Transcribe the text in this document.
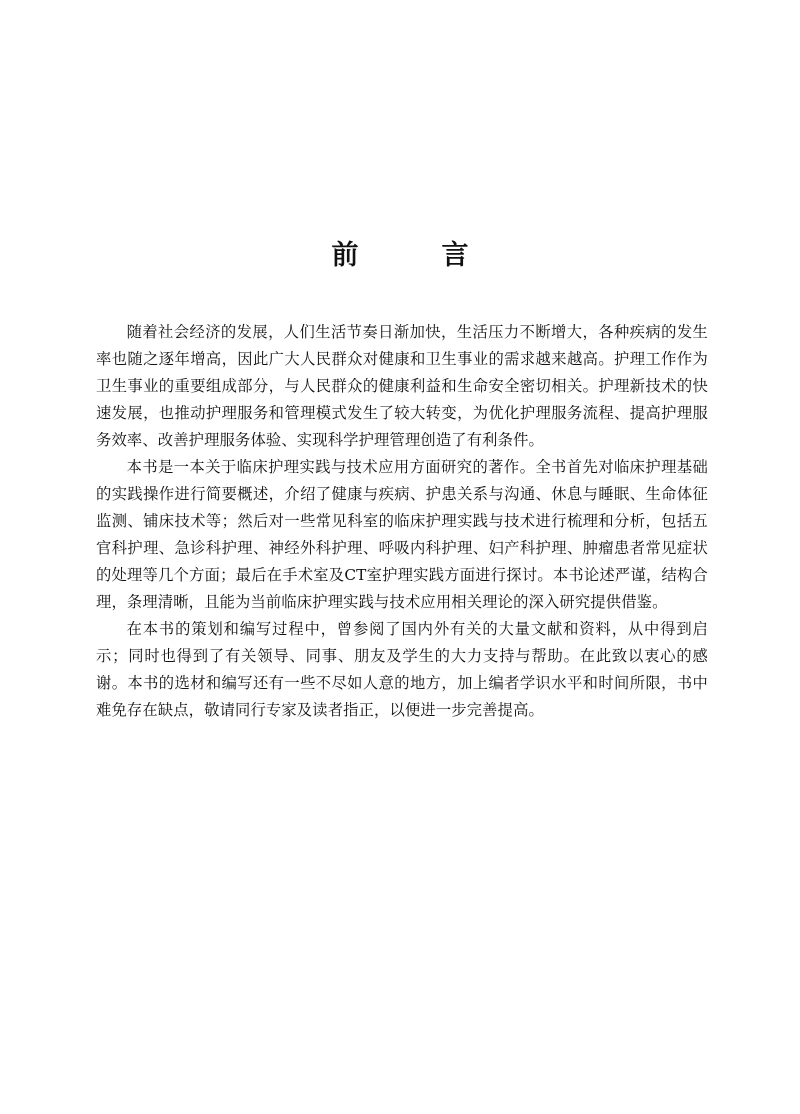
前　言

随着社会经济的发展，人们生活节奏日渐加快，生活压力不断增大，各种疾病的发生率也随之逐年增高，因此广大人民群众对健康和卫生事业的需求越来越高。护理工作作为卫生事业的重要组成部分，与人民群众的健康利益和生命安全密切相关。护理新技术的快速发展，也推动护理服务和管理模式发生了较大转变，为优化护理服务流程、提高护理服务效率、改善护理服务体验、实现科学护理管理创造了有利条件。

本书是一本关于临床护理实践与技术应用方面研究的著作。全书首先对临床护理基础的实践操作进行简要概述，介绍了健康与疾病、护患关系与沟通、休息与睡眠、生命体征监测、铺床技术等；然后对一些常见科室的临床护理实践与技术进行梳理和分析，包括五官科护理、急诊科护理、神经外科护理、呼吸内科护理、妇产科护理、肿瘤患者常见症状的处理等几个方面；最后在手术室及CT室护理实践方面进行探讨。本书论述严谨，结构合理，条理清晰，且能为当前临床护理实践与技术应用相关理论的深入研究提供借鉴。

在本书的策划和编写过程中，曾参阅了国内外有关的大量文献和资料，从中得到启示；同时也得到了有关领导、同事、朋友及学生的大力支持与帮助。在此致以衷心的感谢。本书的选材和编写还有一些不尽如人意的地方，加上编者学识水平和时间所限，书中难免存在缺点，敬请同行专家及读者指正，以便进一步完善提高。
